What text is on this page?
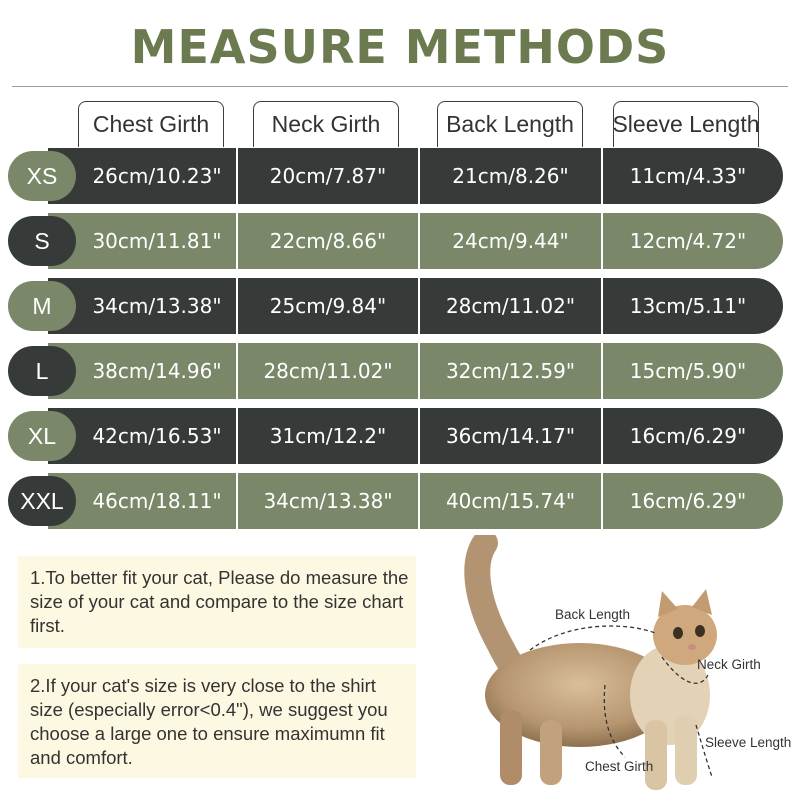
MEASURE METHODS
Chest Girth	Neck Girth	Back Length	Sleeve Length
XS	26cm/10.23"	20cm/7.87"	21cm/8.26"	11cm/4.33"
S	30cm/11.81"	22cm/8.66"	24cm/9.44"	12cm/4.72"
M	34cm/13.38"	25cm/9.84"	28cm/11.02"	13cm/5.11"
L	38cm/14.96"	28cm/11.02"	32cm/12.59"	15cm/5.90"
XL	42cm/16.53"	31cm/12.2"	36cm/14.17"	16cm/6.29"
XXL	46cm/18.11"	34cm/13.38"	40cm/15.74"	16cm/6.29"
1.To better fit your cat, Please do measure the size of your cat and compare to the size chart first.
2.If your cat's size is very close to the shirt size (especially error<0.4"), we suggest you choose a large one to ensure maximumn fit and comfort.
Back Length
Neck Girth
Sleeve Length
Chest Girth
